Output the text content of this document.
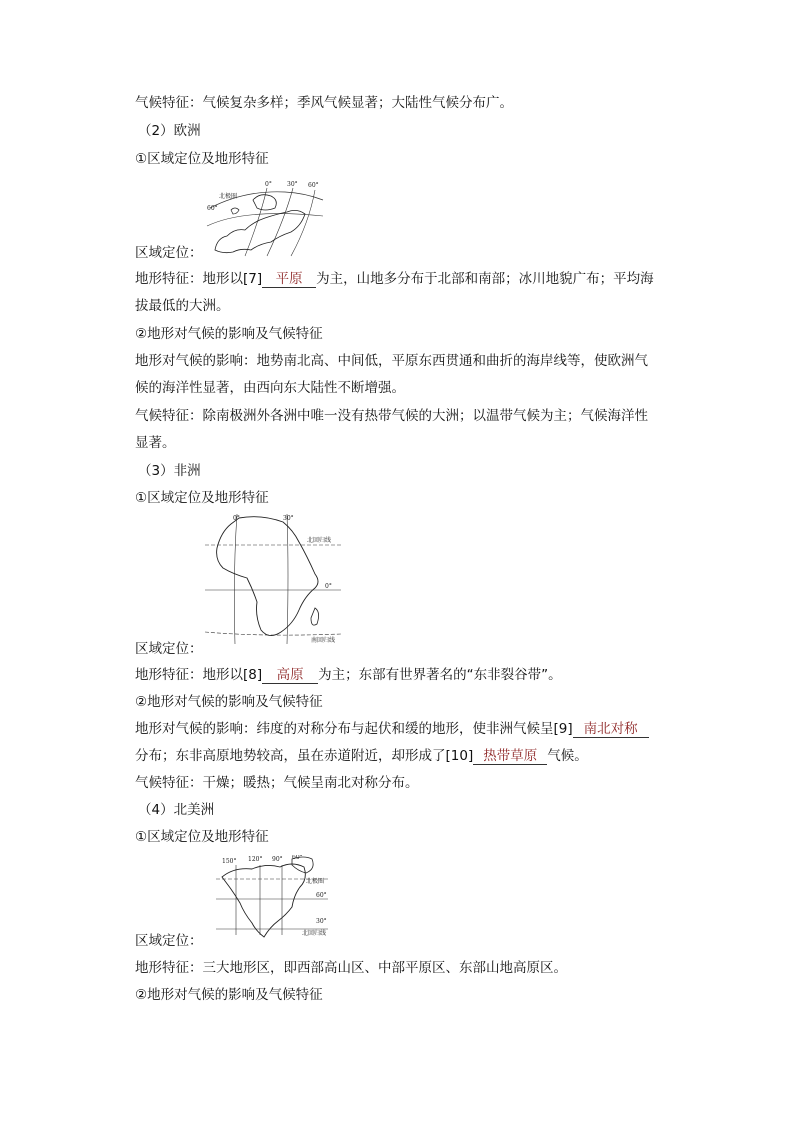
气候特征：气候复杂多样；季风气候显著；大陆性气候分布广。
（2）欧洲
①区域定位及地形特征
北极圈
60°
0°	30° 60°
区域定位：
地形特征：地形以[7] 平原 为主，山地多分布于北部和南部；冰川地貌广布；平均海
拔最低的大洲。
②地形对气候的影响及气候特征
地形对气候的影响：地势南北高、中间低，平原东西贯通和曲折的海岸线等，使欧洲气
候的海洋性显著，由西向东大陆性不断增强。
气候特征：除南极洲外各洲中唯一没有热带气候的大洲；以温带气候为主；气候海洋性
显著。
（3）非洲
①区域定位及地形特征
0°	30°
北回归线
0°
南回归线
区域定位：
地形特征：地形以[8] 高原 为主；东部有世界著名的“东非裂谷带”。
②地形对气候的影响及气候特征
地形对气候的影响：纬度的对称分布与起伏和缓的地形，使非洲气候呈[9] 南北对称
分布；东非高原地势较高，虽在赤道附近，却形成了[10] 热带草原 气候。
气候特征：干燥；暖热；气候呈南北对称分布。
（4）北美洲
①区域定位及地形特征
150° 120° 90° 60°
北极圈
60°
30°
北回归线
区域定位：
地形特征：三大地形区，即西部高山区、中部平原区、东部山地高原区。
②地形对气候的影响及气候特征
